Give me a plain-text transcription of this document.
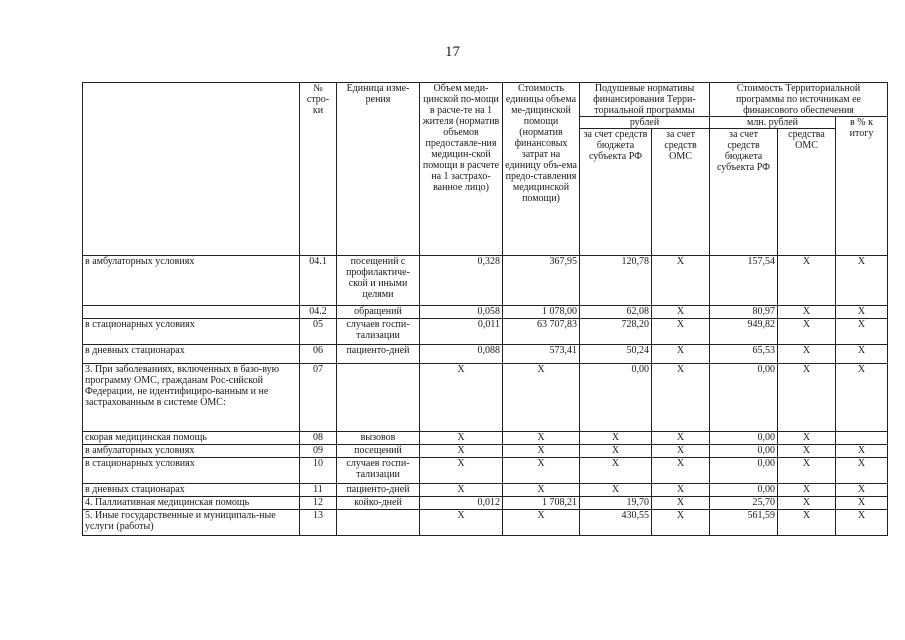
17
	№ стро-ки	Единица изме-рения	Объем меди-цинской по-мощи в расче-те на 1 жителя (норматив объемов предоставле-ния медицин-ской помощи в расчете на 1 застрахо-ванное лицо)	Стоимость единицы объема ме-дицинской помощи (норматив финансовых затрат на единицу объ-ема предо-ставления медицинской помощи)	Подушевые нормативы финансирования Терри-ториальной программы		Стоимость Территориальной программы по источникам ее финансового обеспечения		
					рублей		млн. рублей		в % к итогу
					за счет средств бюджета субъекта РФ	за счет средств ОМС	за счет средств бюджета субъекта РФ	средства ОМС	
в амбулаторных условиях	04.1	посещений с профилактиче-ской и иными целями	0,328	367,95	120,78	X	157,54	X	X
	04.2	обращений	0,058	1 078,00	62,08	X	80,97	X	X
в стационарных условиях	05	случаев госпи-тализации	0,011	63 707,83	728,20	X	949,82	X	X
в дневных стационарах	06	пациенто-дней	0,088	573,41	50,24	X	65,53	X	X
3. При заболеваниях, включенных в базо-вую программу ОМС, гражданам Рос-сийской Федерации, не идентифициро-ванным и не застрахованным в системе ОМС:	07		X	X	0,00	X	0,00	X	X
скорая медицинская помощь	08	вызовов	X	X	X	X	0,00	X	
в амбулаторных условиях	09	посещений	X	X	X	X	0,00	X	X
в стационарных условиях	10	случаев госпи-тализации	X	X	X	X	0,00	X	X
в дневных стационарах	11	пациенто-дней	X	X	X	X	0,00	X	X
4. Паллиативная медицинская помощь	12	койко-дней	0,012	1 708,21	19,70	X	25,70	X	X
5. Иные государственные и муниципаль-ные услуги (работы)	13		X	X	430,55	X	561,59	X	X
